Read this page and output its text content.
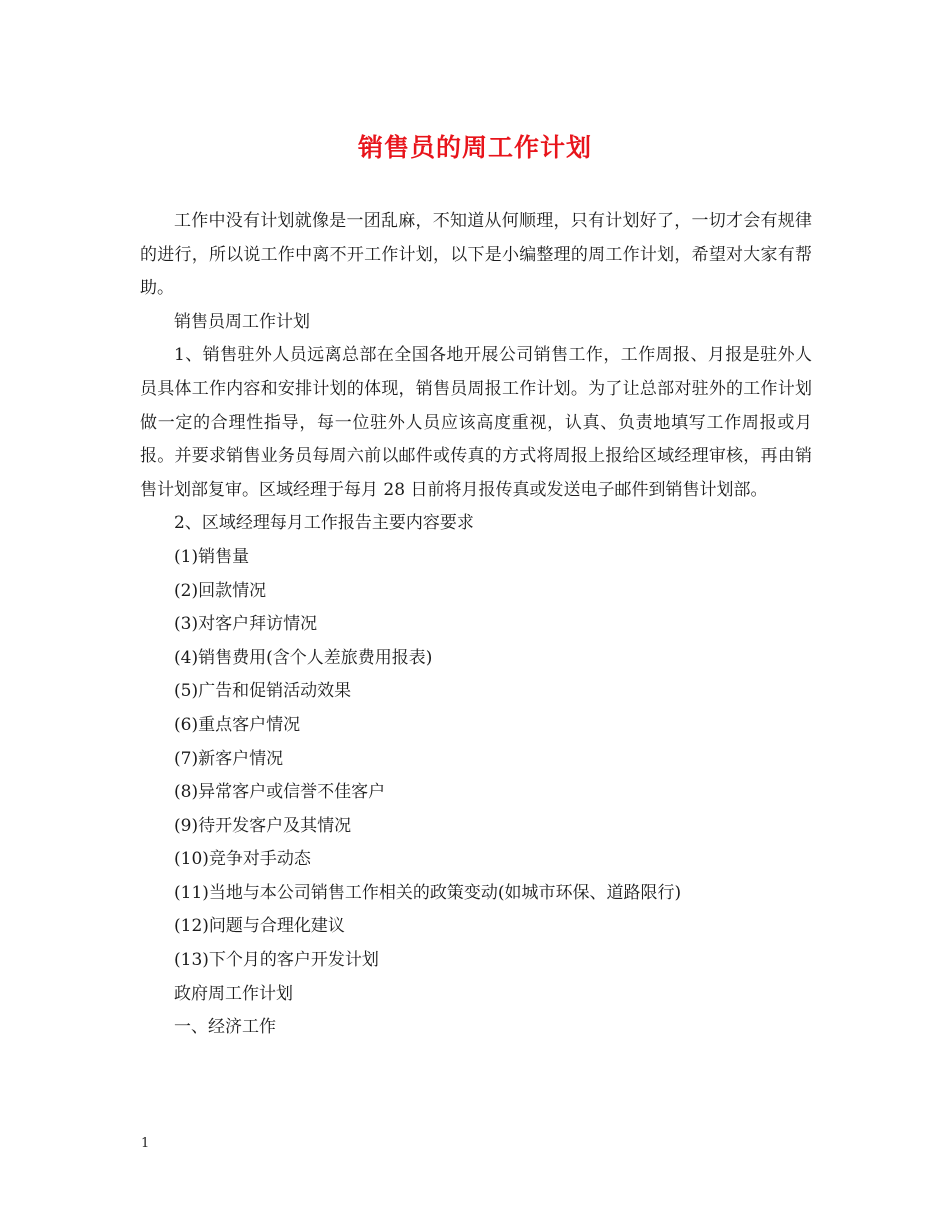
销售员的周工作计划

工作中没有计划就像是一团乱麻，不知道从何顺理，只有计划好了，一切才会有规律的进行，所以说工作中离不开工作计划，以下是小编整理的周工作计划，希望对大家有帮助。

销售员周工作计划

1、销售驻外人员远离总部在全国各地开展公司销售工作，工作周报、月报是驻外人员具体工作内容和安排计划的体现，销售员周报工作计划。为了让总部对驻外的工作计划做一定的合理性指导，每一位驻外人员应该高度重视，认真、负责地填写工作周报或月报。并要求销售业务员每周六前以邮件或传真的方式将周报上报给区域经理审核，再由销售计划部复审。区域经理于每月 28 日前将月报传真或发送电子邮件到销售计划部。

2、区域经理每月工作报告主要内容要求

(1)销售量

(2)回款情况

(3)对客户拜访情况

(4)销售费用(含个人差旅费用报表)

(5)广告和促销活动效果

(6)重点客户情况

(7)新客户情况

(8)异常客户或信誉不佳客户

(9)待开发客户及其情况

(10)竞争对手动态

(11)当地与本公司销售工作相关的政策变动(如城市环保、道路限行)

(12)问题与合理化建议

(13)下个月的客户开发计划

政府周工作计划

一、经济工作

1
